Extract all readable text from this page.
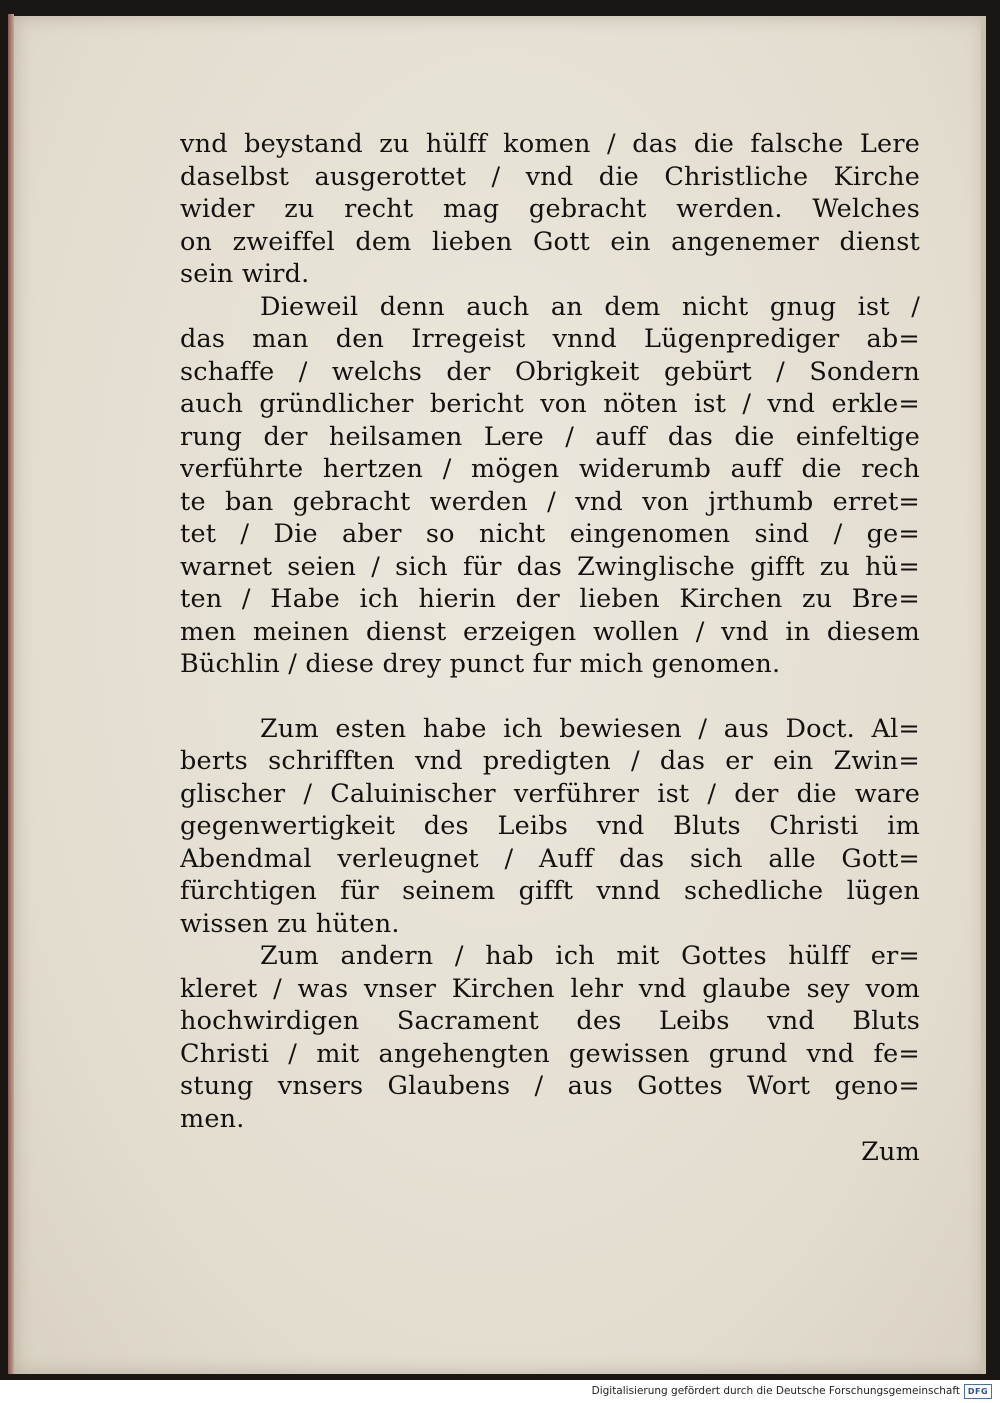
vnd beystand zu hülff komen / das die falsche Lere
daselbst ausgerottet / vnd die Christliche Kirche
wider zu recht mag gebracht werden. Welches
on zweiffel dem lieben Gott ein angenemer dienst
sein wird.
Dieweil denn auch an dem nicht gnug ist /
das man den Irregeist vnnd Lügenprediger ab=
schaffe / welchs der Obrigkeit gebürt / Sondern
auch gründlicher bericht von nöten ist / vnd erkle=
rung der heilsamen Lere / auff das die einfeltige
verführte hertzen / mögen widerumb auff die rech
te ban gebracht werden / vnd von jrthumb erret=
tet / Die aber so nicht eingenomen sind / ge=
warnet seien / sich für das Zwinglische gifft zu hü=
ten / Habe ich hierin der lieben Kirchen zu Bre=
men meinen dienst erzeigen wollen / vnd in diesem
Büchlin / diese drey punct fur mich genomen.
Zum esten habe ich bewiesen / aus Doct. Al=
berts schrifften vnd predigten / das er ein Zwin=
glischer / Caluinischer verführer ist / der die ware
gegenwertigkeit des Leibs vnd Bluts Christi im
Abendmal verleugnet / Auff das sich alle Gott=
fürchtigen für seinem gifft vnnd schedliche lügen
wissen zu hüten.
Zum andern / hab ich mit Gottes hülff er=
kleret / was vnser Kirchen lehr vnd glaube sey vom
hochwirdigen Sacrament des Leibs vnd Bluts
Christi / mit angehengten gewissen grund vnd fe=
stung vnsers Glaubens / aus Gottes Wort geno=
men.
Zum
Digitalisierung gefördert durch die Deutsche Forschungsgemeinschaft DFG
